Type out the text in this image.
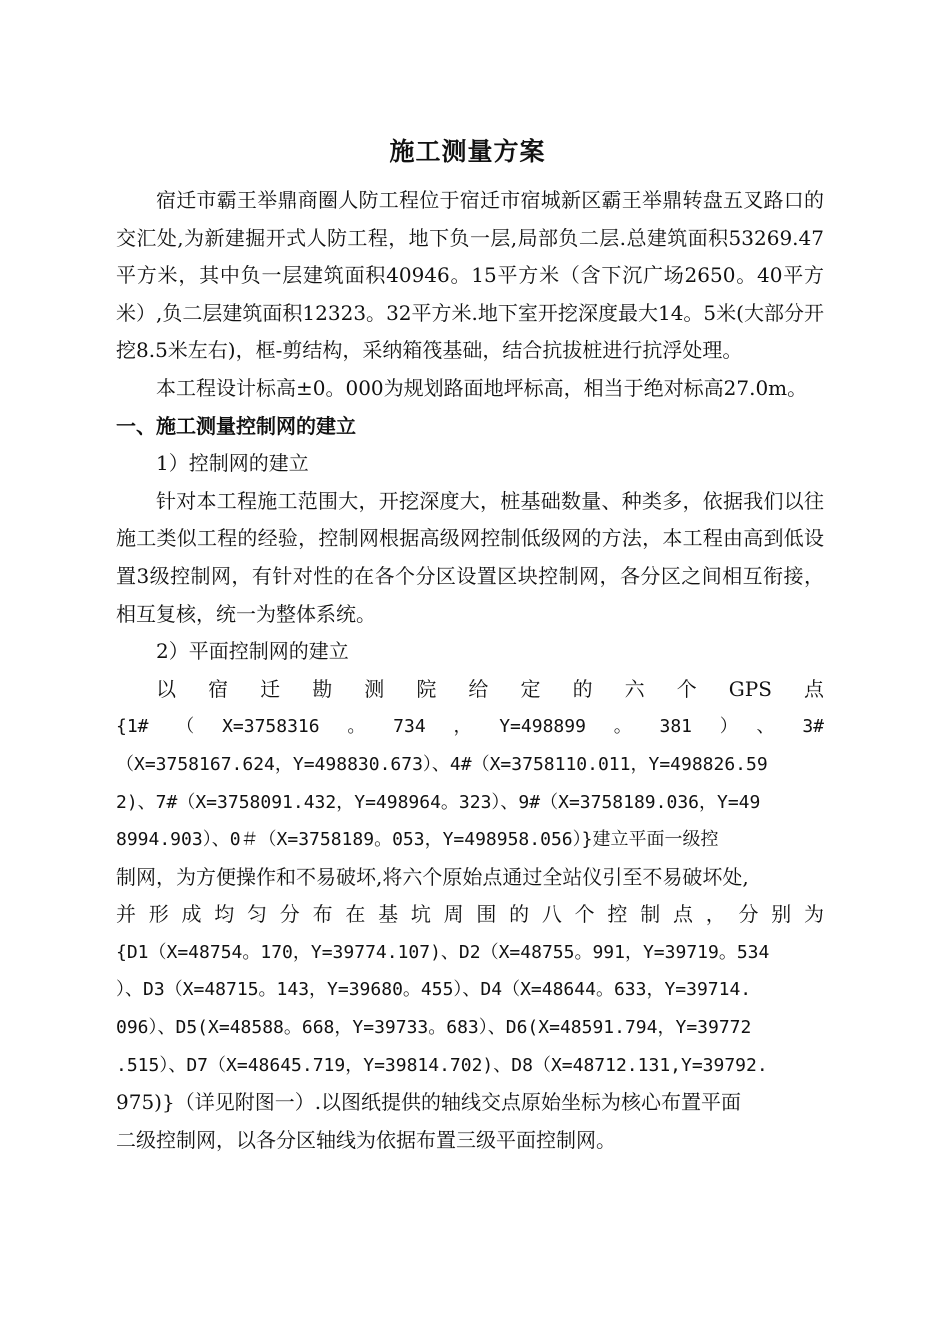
施工测量方案

宿迁市霸王举鼎商圈人防工程位于宿迁市宿城新区霸王举鼎转盘五叉路口的交汇处,为新建掘开式人防工程，地下负一层,局部负二层.总建筑面积53269.47平方米，其中负一层建筑面积40946。15平方米（含下沉广场2650。40平方米）,负二层建筑面积12323。32平方米.地下室开挖深度最大14。5米(大部分开挖8.5米左右)，框-剪结构，采纳箱筏基础，结合抗拔桩进行抗浮处理。

本工程设计标高±0。000为规划路面地坪标高，相当于绝对标高27.0m。

一、施工测量控制网的建立

1）控制网的建立

针对本工程施工范围大，开挖深度大，桩基础数量、种类多，依据我们以往施工类似工程的经验，控制网根据高级网控制低级网的方法，本工程由高到低设置3级控制网，有针对性的在各个分区设置区块控制网，各分区之间相互衔接，相互复核，统一为整体系统。

2）平面控制网的建立

以宿迁勘测院给定的六个GPS点

{1#（X=3758316。734，Y=498899。381）、3#

（X=3758167.624，Y=498830.673）、4#（X=3758110.011，Y=498826.59

2)、7#（X=3758091.432，Y=498964。323）、9#（X=3758189.036，Y=49

8994.903）、0＃（X=3758189。053，Y=498958.056）}建立平面一级控

制网，为方便操作和不易破坏,将六个原始点通过全站仪引至不易破坏处,

并形成均匀分布在基坑周围的八个控制点，分别为

{D1（X=48754。170，Y=39774.107)、D2（X=48755。991，Y=39719。534

）、D3（X=48715。143，Y=39680。455）、D4（X=48644。633，Y=39714.

096）、D5(X=48588。668，Y=39733。683）、D6(X=48591.794，Y=39772

.515）、D7（X=48645.719，Y=39814.702)、D8（X=48712.131,Y=39792.

975)}（详见附图一）.以图纸提供的轴线交点原始坐标为核心布置平面

二级控制网，以各分区轴线为依据布置三级平面控制网。
